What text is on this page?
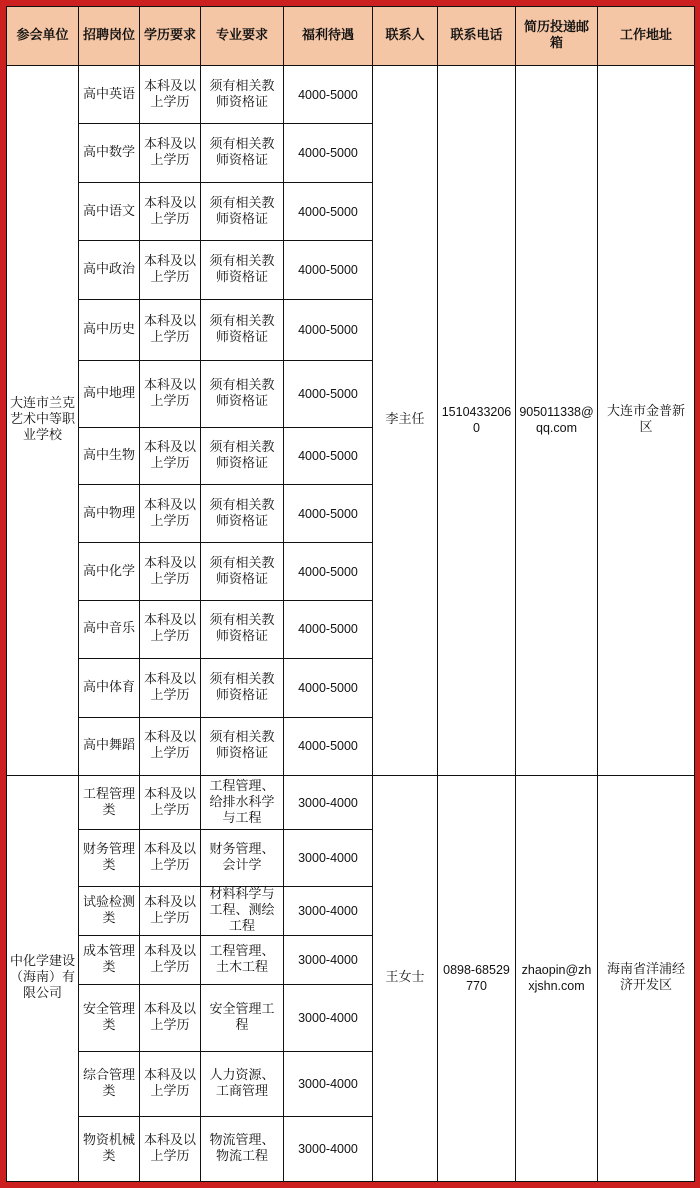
参会单位	招聘岗位	学历要求	专业要求	福利待遇	联系人	联系电话	简历投递邮箱	工作地址
大连市兰克艺术中等职业学校	高中英语	本科及以上学历	须有相关教师资格证	4000-5000	李主任	15104332060	905011338@qq.com	大连市金普新区
	高中数学	本科及以上学历	须有相关教师资格证	4000-5000				
	高中语文	本科及以上学历	须有相关教师资格证	4000-5000				
	高中政治	本科及以上学历	须有相关教师资格证	4000-5000				
	高中历史	本科及以上学历	须有相关教师资格证	4000-5000				
	高中地理	本科及以上学历	须有相关教师资格证	4000-5000				
	高中生物	本科及以上学历	须有相关教师资格证	4000-5000				
	高中物理	本科及以上学历	须有相关教师资格证	4000-5000				
	高中化学	本科及以上学历	须有相关教师资格证	4000-5000				
	高中音乐	本科及以上学历	须有相关教师资格证	4000-5000				
	高中体育	本科及以上学历	须有相关教师资格证	4000-5000				
	高中舞蹈	本科及以上学历	须有相关教师资格证	4000-5000				
中化学建设（海南）有限公司	工程管理类	本科及以上学历	工程管理、给排水科学与工程	3000-4000	王女士	0898-68529770	zhaopin@zhxjshn.com	海南省洋浦经济开发区
	财务管理类	本科及以上学历	财务管理、会计学	3000-4000				
	试验检测类	本科及以上学历	材料科学与工程、测绘工程	3000-4000				
	成本管理类	本科及以上学历	工程管理、土木工程	3000-4000				
	安全管理类	本科及以上学历	安全管理工程	3000-4000				
	综合管理类	本科及以上学历	人力资源、工商管理	3000-4000				
	物资机械类	本科及以上学历	物流管理、物流工程	3000-4000				
